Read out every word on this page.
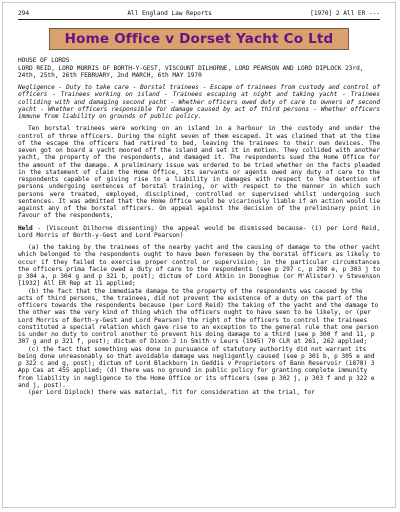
294	All England Law Reports	[1970] 2 All ER ---
Home Office v Dorset Yacht Co Ltd

HOUSE OF LORDS

LORD REID, LORD MORRIS OF BORTH-Y-GEST, VISCOUNT DILHORNE, LORD PEARSON AND LORD DIPLOCK 23rd, 24th, 25th, 26th FEBRUARY, 2nd MARCH, 6th MAY 1970

Negligence - Duty to take care - Borstal trainees - Escape of trainees from custody and control of officers - Trainees working on island - Trainees escaping at night and taking yacht - Trainees colliding with and damaging second yacht - Whether officers owed duty of care to owners of second yacht - Whether officers responsible for damage caused by act of third persons - Whether officers immune from liability on grounds of public policy.

Ten borstal trainees were working on an island in a harbour in the custody and under the control of three officers. During the night seven of them escaped. It was claimed that at the time of the escape the officers had retired to bed, leaving the trainees to their own devices. The seven got on board a yacht moored off the island and set it in motion. They collided with another yacht, the property of the respondents, and damaged it. The respondents sued the Home Office for the amount of the damage. A preliminary issue was ordered to be tried whether on the facts pleaded in the statement of claim the Home Office, its servants or agents owed any duty of care to the respondents capable of giving rise to a liability in damages with respect to the detention of persons undergoing sentences of borstal training, or with respect to the manner in which such persons were treated, employed, disciplined, controlled or supervised whilst undergoing such sentences. It was admitted that the Home Office would be vicariously liable if an action would lie against any of the borstal officers. On appeal against the decision of the preliminary point in favour of the respondents,

Held - (Viscount Dilhorne dissenting) the appeal would be dismissed because- (i) per Lord Reid, Lord Morris of Borth-y-Gest and Lord Pearson)

(a) the taking by the trainees of the nearby yacht and the causing of damage to the other yacht which belonged to the respondents ought to have been foreseen by the borstal officers as likely to occur if they failed to exercise proper control or supervision; in the particular circumstances the officers prima facie owed a duty of care to the respondents (see p 297 c, p 298 e, p 303 j to p 304 a, p 304 g and p 321 b, post); dictum of Lord Atkin in Donoghue (or M'Alister) v Stevenson [1932] All ER Rep at 11 applied;

(b) the fact that the immediate damage to the property of the respondents was caused by the acts of third persons, the trainees, did not prevent the existence of a duty on the part of the officers towards the respondents because (per Lord Reid) the taking of the yacht and the damage to the other was the very kind of thing which the officers ought to have seen to be likely, or (per Lord Morris of Borth-y-Gest and Lord Pearson) the right of the officers to control the trainees constituted a special relation which gave rise to an exception to the general rule that one person is under no duty to control another to prevent his doing damage to a third (see p 300 f and 11, p 307 g and p 321 f, post); dictum of Dixon J in Smith v Leurs (1945) 70 CLR at 261, 262 applied;

(c) the fact that something was done in pursuance of statutory authority did not warrant its being done unreasonably so that avoidable damage was negligently caused (see p 301 b, p 305 e and p 322 c and g, post); dictum of Lord Blackburn in Geddis v Proprietors of Bann Reservoir (1878) 3 App Cas at 455 applied; (d) there was no ground in public policy for granting complete immunity from liability in negligence to the Home Office or its officers (see p 302 j, p 303 f and p 322 e and j, post).

(per Lord Diplock) there was material, fit for consideration at the trial, for
